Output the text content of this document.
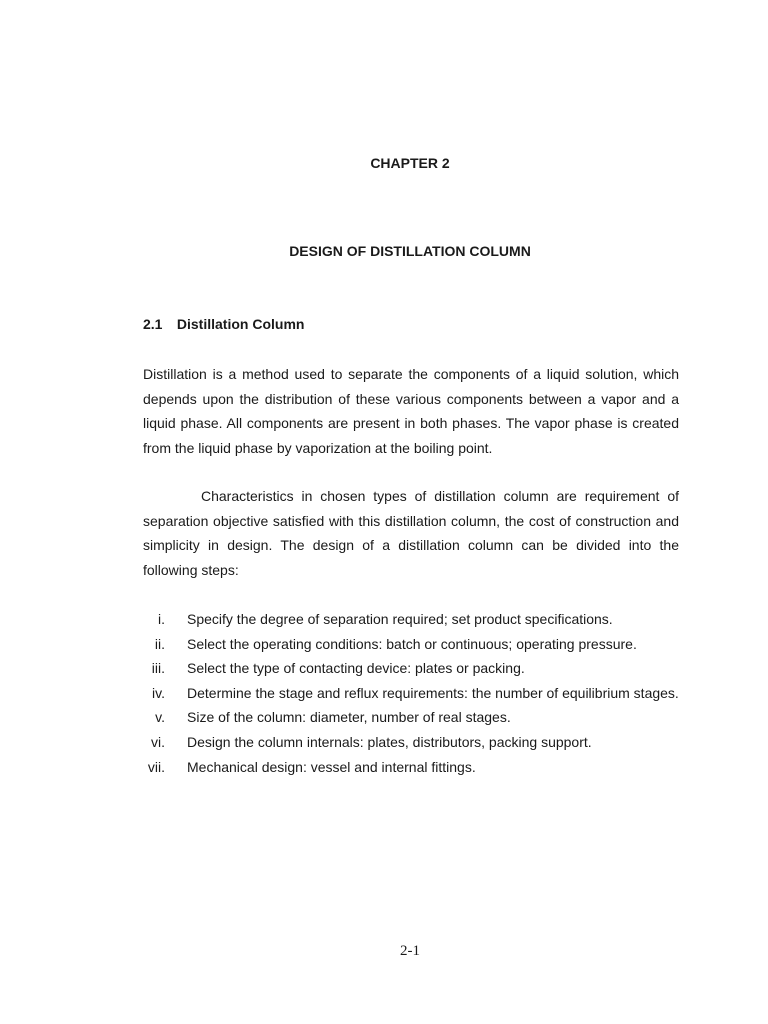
CHAPTER 2
DESIGN OF DISTILLATION COLUMN
2.1 Distillation Column

Distillation is a method used to separate the components of a liquid solution, which depends upon the distribution of these various components between a vapor and a liquid phase. All components are present in both phases. The vapor phase is created from the liquid phase by vaporization at the boiling point.

Characteristics in chosen types of distillation column are requirement of separation objective satisfied with this distillation column, the cost of construction and simplicity in design. The design of a distillation column can be divided into the following steps:

i. Specify the degree of separation required; set product specifications.
ii. Select the operating conditions: batch or continuous; operating pressure.
iii. Select the type of contacting device: plates or packing.
iv. Determine the stage and reflux requirements: the number of equilibrium stages.
v. Size of the column: diameter, number of real stages.
vi. Design the column internals: plates, distributors, packing support.
vii. Mechanical design: vessel and internal fittings.

2-1
